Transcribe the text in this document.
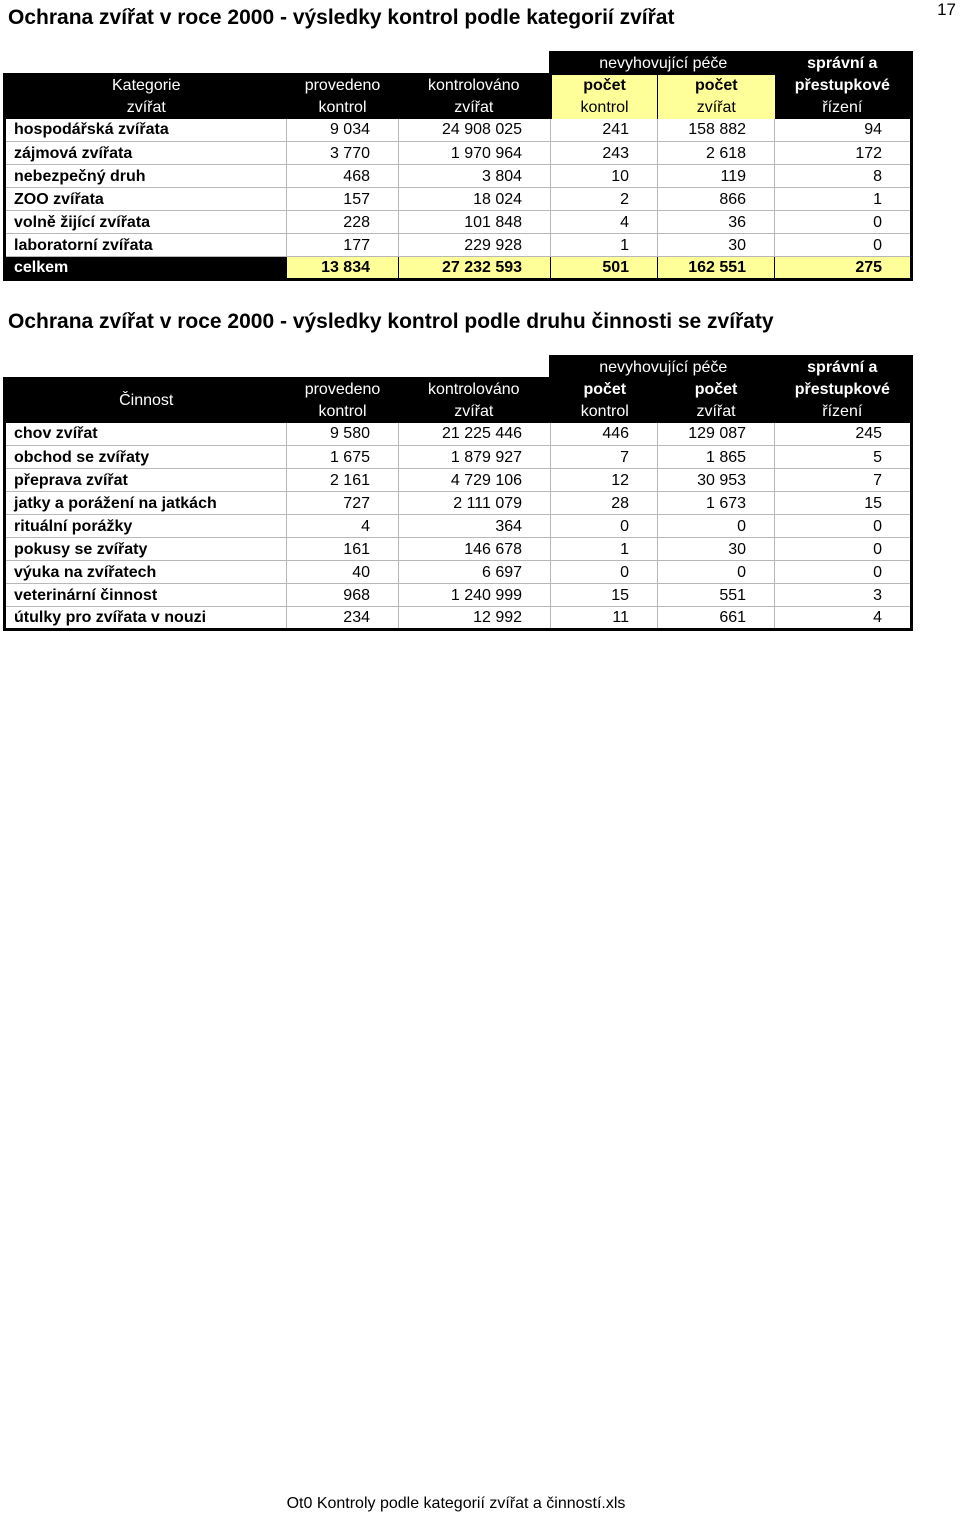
17
Ochrana zvířat v roce 2000 - výsledky kontrol podle kategorií zvířat
			nevyhovující péče		správní a
Kategorie	provedeno	kontrolováno	počet	počet	přestupkové
zvířat	kontrol	zvířat	kontrol	zvířat	řízení
hospodářská zvířata	9 034	24 908 025	241	158 882	94
zájmová zvířata	3 770	1 970 964	243	2 618	172
nebezpečný druh	468	3 804	10	119	8
ZOO zvířata	157	18 024	2	866	1
volně žijící zvířata	228	101 848	4	36	0
laboratorní zvířata	177	229 928	1	30	0
celkem	13 834	27 232 593	501	162 551	275
Ochrana zvířat v roce 2000 - výsledky kontrol podle druhu činnosti se zvířaty
			nevyhovující péče		správní a
Činnost	provedeno	kontrolováno	počet	počet	přestupkové
	kontrol	zvířat	kontrol	zvířat	řízení
chov zvířat	9 580	21 225 446	446	129 087	245
obchod se zvířaty	1 675	1 879 927	7	1 865	5
přeprava zvířat	2 161	4 729 106	12	30 953	7
jatky a porážení na jatkách	727	2 111 079	28	1 673	15
rituální porážky	4	364	0	0	0
pokusy se zvířaty	161	146 678	1	30	0
výuka na zvířatech	40	6 697	0	0	0
veterinární činnost	968	1 240 999	15	551	3
útulky pro zvířata v nouzi	234	12 992	11	661	4
Ot0 Kontroly podle kategorií zvířat a činností.xls
